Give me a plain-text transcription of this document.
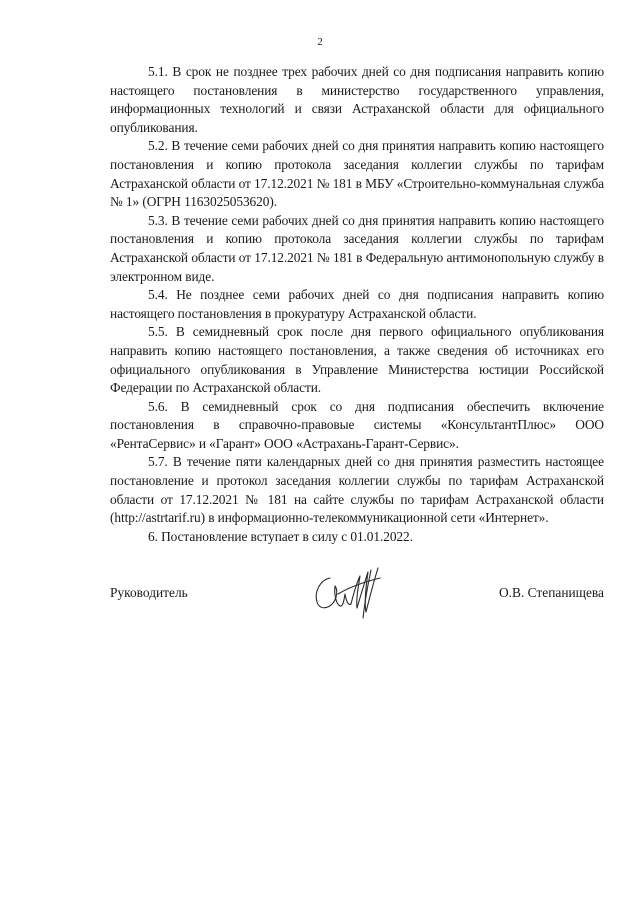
2

5.1. В срок не позднее трех рабочих дней со дня подписания направить копию настоящего постановления в министерство государственного управления, информационных технологий и связи Астраханской области для официального опубликования.

5.2. В течение семи рабочих дней со дня принятия направить копию настоящего постановления и копию протокола заседания коллегии службы по тарифам Астраханской области от 17.12.2021 № 181 в МБУ «Строительно-коммунальная служба № 1» (ОГРН 1163025053620).

5.3. В течение семи рабочих дней со дня принятия направить копию настоящего постановления и копию протокола заседания коллегии службы по тарифам Астраханской области от 17.12.2021 № 181 в Федеральную антимонопольную службу в электронном виде.

5.4. Не позднее семи рабочих дней со дня подписания направить копию настоящего постановления в прокуратуру Астраханской области.

5.5. В семидневный срок после дня первого официального опубликования направить копию настоящего постановления, а также сведения об источниках его официального опубликования в Управление Министерства юстиции Российской Федерации по Астраханской области.

5.6. В семидневный срок со дня подписания обеспечить включение постановления в справочно-правовые системы «КонсультантПлюс» ООО «РентаСервис» и «Гарант» ООО «Астрахань-Гарант-Сервис».

5.7. В течение пяти календарных дней со дня принятия разместить настоящее постановление и протокол заседания коллегии службы по тарифам Астраханской области от 17.12.2021 № 181 на сайте службы по тарифам Астраханской области (http://astrtarif.ru) в информационно-телекоммуникационной сети «Интернет».

6. Постановление вступает в силу с 01.01.2022.

Руководитель	О.В. Степанищева
